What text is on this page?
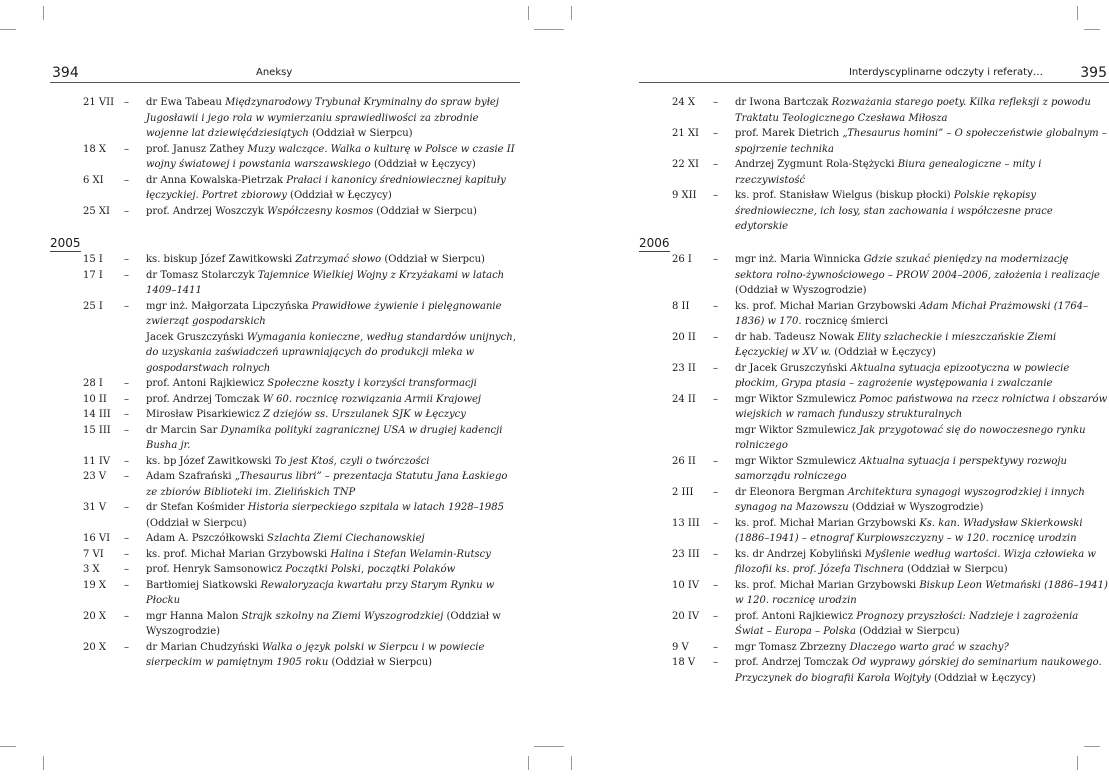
394	Aneksy
21 VII – dr Ewa Tabeau Międzynarodowy Trybunał Kryminalny do spraw byłej Jugosławii i jego rola w wymierzaniu sprawiedliwości za zbrodnie wojenne lat dziewięćdziesiątych (Oddział w Sierpcu)
18 X – prof. Janusz Zathey Muzy walczące. Walka o kulturę w Polsce w czasie II wojny światowej i powstania warszawskiego (Oddział w Łęczycy)
6 XI – dr Anna Kowalska-Pietrzak Prałaci i kanonicy średniowiecznej kapituły łęczyckiej. Portret zbiorowy (Oddział w Łęczycy)
25 XI – prof. Andrzej Woszczyk Współczesny kosmos (Oddział w Sierpcu)
2005
15 I – ks. biskup Józef Zawitkowski Zatrzymać słowo (Oddział w Sierpcu)
17 I – dr Tomasz Stolarczyk Tajemnice Wielkiej Wojny z Krzyżakami w latach 1409–1411
25 I – mgr inż. Małgorzata Lipczyńska Prawidłowe żywienie i pielęgnowanie zwierząt gospodarskich
Jacek Gruszczyński Wymagania konieczne, według standardów unijnych, do uzyskania zaświadczeń uprawniających do produkcji mleka w gospodarstwach rolnych
28 I – prof. Antoni Rajkiewicz Społeczne koszty i korzyści transformacji
10 II – prof. Andrzej Tomczak W 60. rocznicę rozwiązania Armii Krajowej
14 III – Mirosław Pisarkiewicz Z dziejów ss. Urszulanek SJK w Łęczycy
15 III – dr Marcin Sar Dynamika polityki zagranicznej USA w drugiej kadencji Busha jr.
11 IV – ks. bp Józef Zawitkowski To jest Ktoś, czyli o twórczości
23 V – Adam Szafrański „Thesaurus libri” – prezentacja Statutu Jana Łaskiego ze zbiorów Biblioteki im. Zielińskich TNP
31 V – dr Stefan Kośmider Historia sierpeckiego szpitala w latach 1928–1985 (Oddział w Sierpcu)
16 VI – Adam A. Pszczółkowski Szlachta Ziemi Ciechanowskiej
7 VI – ks. prof. Michał Marian Grzybowski Halina i Stefan Welamin-Rutscy
3 X – prof. Henryk Samsonowicz Początki Polski, początki Polaków
19 X – Bartłomiej Siatkowski Rewaloryzacja kwartału przy Starym Rynku w Płocku
20 X – mgr Hanna Malon Strajk szkolny na Ziemi Wyszogrodzkiej (Oddział w Wyszogrodzie)
20 X – dr Marian Chudzyński Walka o język polski w Sierpcu i w powiecie sierpeckim w pamiętnym 1905 roku (Oddział w Sierpcu)
Interdyscyplinarne odczyty i referaty…	395
24 X – dr Iwona Bartczak Rozważania starego poety. Kilka refleksji z powodu Traktatu Teologicznego Czesława Miłosza
21 XI – prof. Marek Dietrich „Thesaurus homini” – O społeczeństwie globalnym – spojrzenie technika
22 XI – Andrzej Zygmunt Rola-Stężycki Biura genealogiczne – mity i rzeczywistość
9 XII – ks. prof. Stanisław Wielgus (biskup płocki) Polskie rękopisy średniowieczne, ich losy, stan zachowania i współczesne prace edytorskie
2006
26 I – mgr inż. Maria Winnicka Gdzie szukać pieniędzy na modernizację sektora rolno-żywnościowego – PROW 2004–2006, założenia i realizacje (Oddział w Wyszogrodzie)
8 II – ks. prof. Michał Marian Grzybowski Adam Michał Prażmowski (1764–1836) w 170. rocznicę śmierci
20 II – dr hab. Tadeusz Nowak Elity szlacheckie i mieszczańskie Ziemi Łęczyckiej w XV w. (Oddział w Łęczycy)
23 II – dr Jacek Gruszczyński Aktualna sytuacja epizootyczna w powiecie płockim, Grypa ptasia – zagrożenie występowania i zwalczanie
24 II – mgr Wiktor Szmulewicz Pomoc państwowa na rzecz rolnictwa i obszarów wiejskich w ramach funduszy strukturalnych
mgr Wiktor Szmulewicz Jak przygotować się do nowoczesnego rynku rolniczego
26 II – mgr Wiktor Szmulewicz Aktualna sytuacja i perspektywy rozwoju samorządu rolniczego
2 III – dr Eleonora Bergman Architektura synagogi wyszogrodzkiej i innych synagog na Mazowszu (Oddział w Wyszogrodzie)
13 III – ks. prof. Michał Marian Grzybowski Ks. kan. Władysław Skierkowski (1886–1941) – etnograf Kurpiowszczyzny – w 120. rocznicę urodzin
23 III – ks. dr Andrzej Kobyliński Myślenie według wartości. Wizja człowieka w filozofii ks. prof. Józefa Tischnera (Oddział w Sierpcu)
10 IV – ks. prof. Michał Marian Grzybowski Biskup Leon Wetmański (1886–1941) w 120. rocznicę urodzin
20 IV – prof. Antoni Rajkiewicz Prognozy przyszłości: Nadzieje i zagrożenia Świat – Europa – Polska (Oddział w Sierpcu)
9 V – mgr Tomasz Zbrzezny Dlaczego warto grać w szachy?
18 V – prof. Andrzej Tomczak Od wyprawy górskiej do seminarium naukowego. Przyczynek do biografii Karola Wojtyły (Oddział w Łęczycy)
